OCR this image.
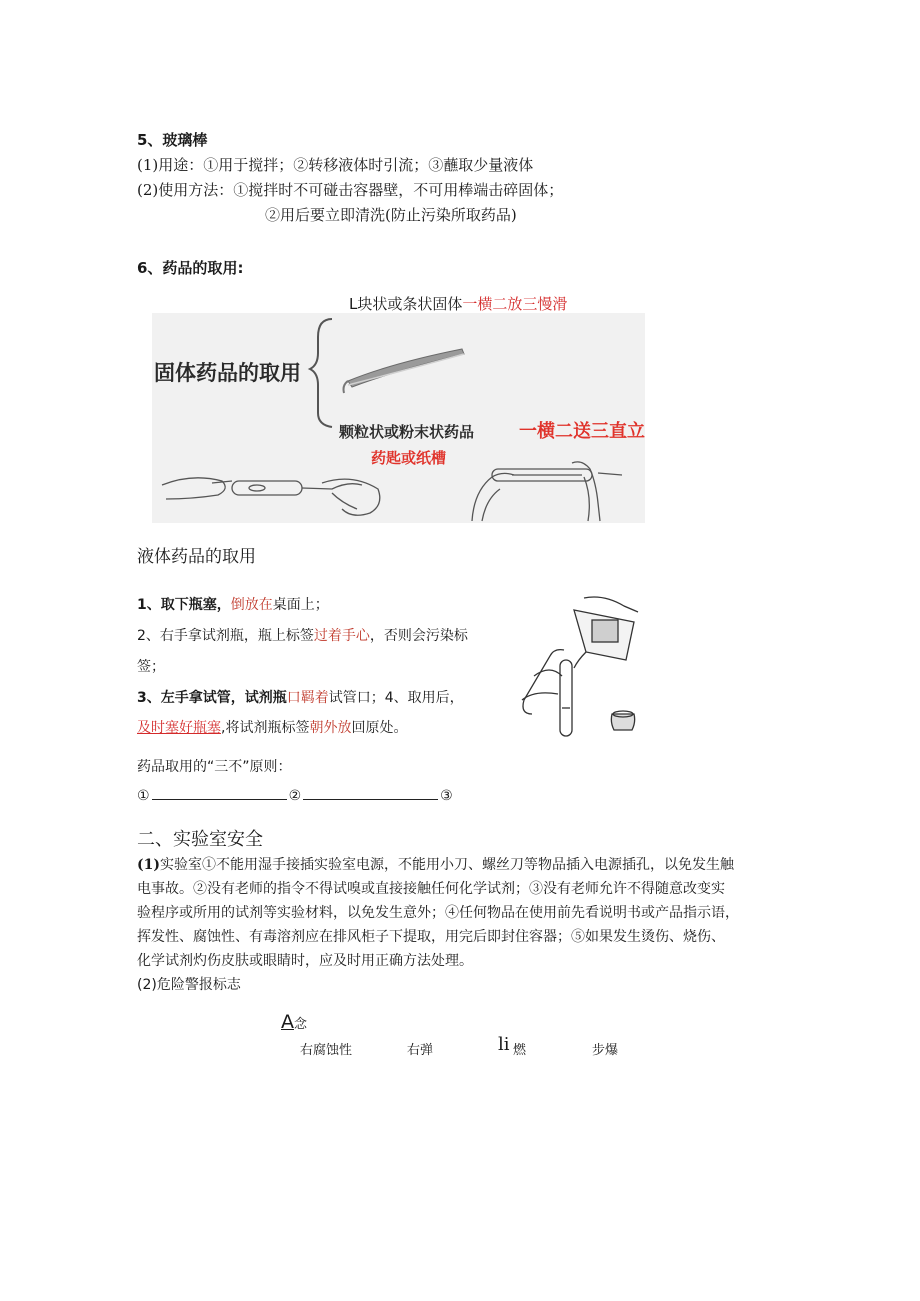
5、玻璃棒
(1)用途：①用于搅拌；②转移液体时引流；③蘸取少量液体
(2)使用方法：①搅拌时不可碰击容器壁，不可用棒端击碎固体；
②用后要立即清洗(防止污染所取药品)
6、药品的取用:
L块状或条状固体一横二放三慢滑
固体药品的取用
颗粒状或粉末状药品
药匙或纸槽
一横二送三直立
液体药品的取用
1、取下瓶塞，倒放在桌面上；
2、右手拿试剂瓶，瓶上标签过着手心，否则会污染标
签；
3、左手拿试管，试剂瓶口羁着试管口；4、取用后，
及时塞好瓶塞,将试剂瓶标签朝外放回原处。
药品取用的“三不”原则：
①	②	③
二、实验室安全
(1)实验室①不能用湿手接插实验室电源，不能用小刀、螺丝刀等物品插入电源插孔，以免发生触
电事故。②没有老师的指令不得试嗅或直接接触任何化学试剂；③没有老师允许不得随意改变实
验程序或所用的试剂等实验材料，以免发生意外；④任何物品在使用前先看说明书或产品指示语，
挥发性、腐蚀性、有毒溶剂应在排风柜子下提取，用完后即封住容器；⑤如果发生烫伤、烧伤、
化学试剂灼伤皮肤或眼睛时，应及时用正确方法处理。
(2)危险警报标志
A念
右腐蚀性	右弹	li 燃	步爆
